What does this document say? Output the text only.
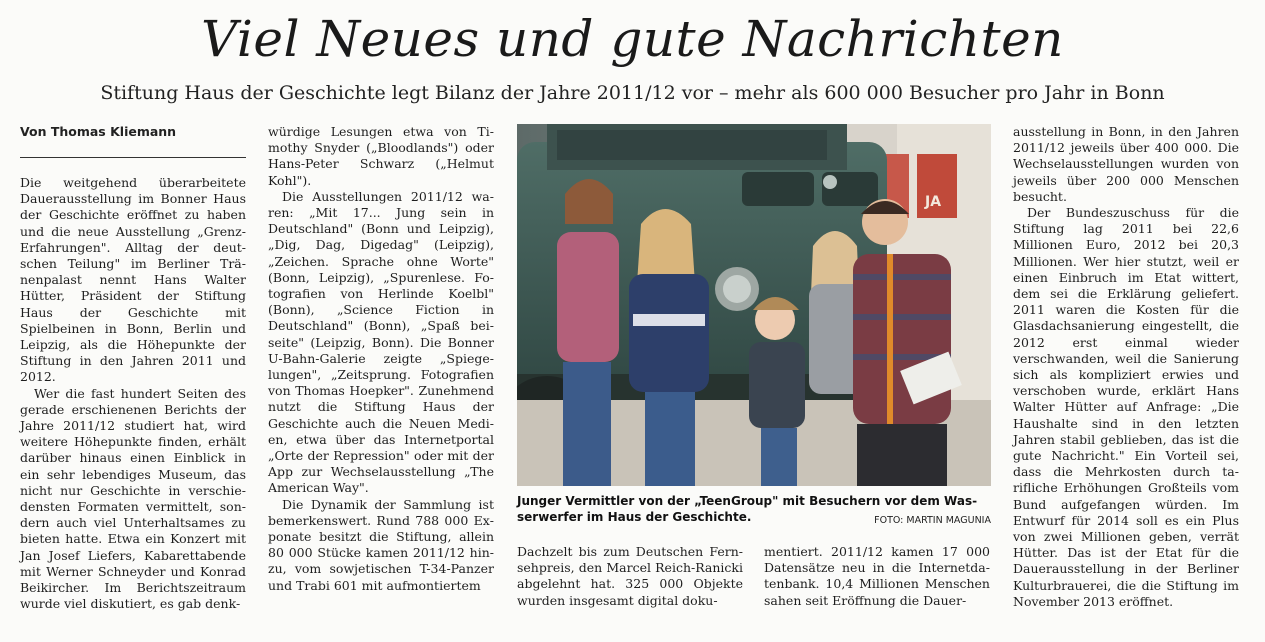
Viel Neues und gute Nachrichten
Stiftung Haus der Geschichte legt Bilanz der Jahre 2011/12 vor – mehr als 600 000 Besucher pro Jahr in Bonn
Von Thomas Kliemann

Die weitgehend überarbeitete Dauerausstellung im Bonner Haus der Geschichte eröffnet zu haben und die neue Ausstellung „GrenzErfahrungen". Alltag der deutschen Teilung" im Berliner Tränenpalast nennt Hans Walter Hütter, Präsident der Stiftung Haus der Geschichte mit Spielbeinen in Bonn, Berlin und Leipzig, als die Höhepunkte der Stiftung in den Jahren 2011 und 2012.

Wer die fast hundert Seiten des gerade erschienenen Berichts der Jahre 2011/12 studiert hat, wird weitere Höhepunkte finden, erhält darüber hinaus einen Einblick in ein sehr lebendiges Museum, das nicht nur Geschichte in verschiedensten Formaten vermittelt, sondern auch viel Unterhaltsames zu bieten hatte. Etwa ein Konzert mit Jan Josef Liefers, Kabarettabende mit Werner Schneyder und Konrad Beikircher. Im Berichtszeitraum wurde viel diskutiert, es gab denk-

würdige Lesungen etwa von Timothy Snyder („Bloodlands") oder Hans-Peter Schwarz („Helmut Kohl").

Die Ausstellungen 2011/12 waren: „Mit 17... Jung sein in Deutschland" (Bonn und Leipzig), „Dig, Dag, Digedag" (Leipzig), „Zeichen. Sprache ohne Worte" (Bonn, Leipzig), „Spurenlese. Fotografien von Herlinde Koelbl" (Bonn), „Science Fiction in Deutschland" (Bonn), „Spaß beiseite" (Leipzig, Bonn). Die Bonner U-Bahn-Galerie zeigte „Spiegelungen", „Zeitsprung. Fotografien von Thomas Hoepker". Zunehmend nutzt die Stiftung Haus der Geschichte auch die Neuen Medien, etwa über das Internetportal „Orte der Repression" oder mit der App zur Wechselausstellung „The American Way".

Die Dynamik der Sammlung ist bemerkenswert. Rund 788 000 Exponate besitzt die Stiftung, allein 80 000 Stücke kamen 2011/12 hinzu, vom sowjetischen T-34-Panzer und Trabi 601 mit aufmontiertem

JA
Junger Vermittler von der „TeenGroup" mit Besuchern vor dem Wasserwerfer im Haus der Geschichte.	FOTO: MARTIN MAGUNIA

Dachzelt bis zum Deutschen Fernsehpreis, den Marcel Reich-Ranicki abgelehnt hat. 325 000 Objekte wurden insgesamt digital doku-

mentiert. 2011/12 kamen 17 000 Datensätze neu in die Internetdatenbank. 10,4 Millionen Menschen sahen seit Eröffnung die Dauer-

ausstellung in Bonn, in den Jahren 2011/12 jeweils über 400 000. Die Wechselausstellungen wurden von jeweils über 200 000 Menschen besucht.

Der Bundeszuschuss für die Stiftung lag 2011 bei 22,6 Millionen Euro, 2012 bei 20,3 Millionen. Wer hier stutzt, weil er einen Einbruch im Etat wittert, dem sei die Erklärung geliefert. 2011 waren die Kosten für die Glasdachsanierung eingestellt, die 2012 erst einmal wieder verschwanden, weil die Sanierung sich als kompliziert erwies und verschoben wurde, erklärt Hans Walter Hütter auf Anfrage: „Die Haushalte sind in den letzten Jahren stabil geblieben, das ist die gute Nachricht." Ein Vorteil sei, dass die Mehrkosten durch tarifliche Erhöhungen Großteils vom Bund aufgefangen würden. Im Entwurf für 2014 soll es ein Plus von zwei Millionen geben, verrät Hütter. Das ist der Etat für die Dauerausstellung in der Berliner Kulturbrauerei, die die Stiftung im November 2013 eröffnet.
